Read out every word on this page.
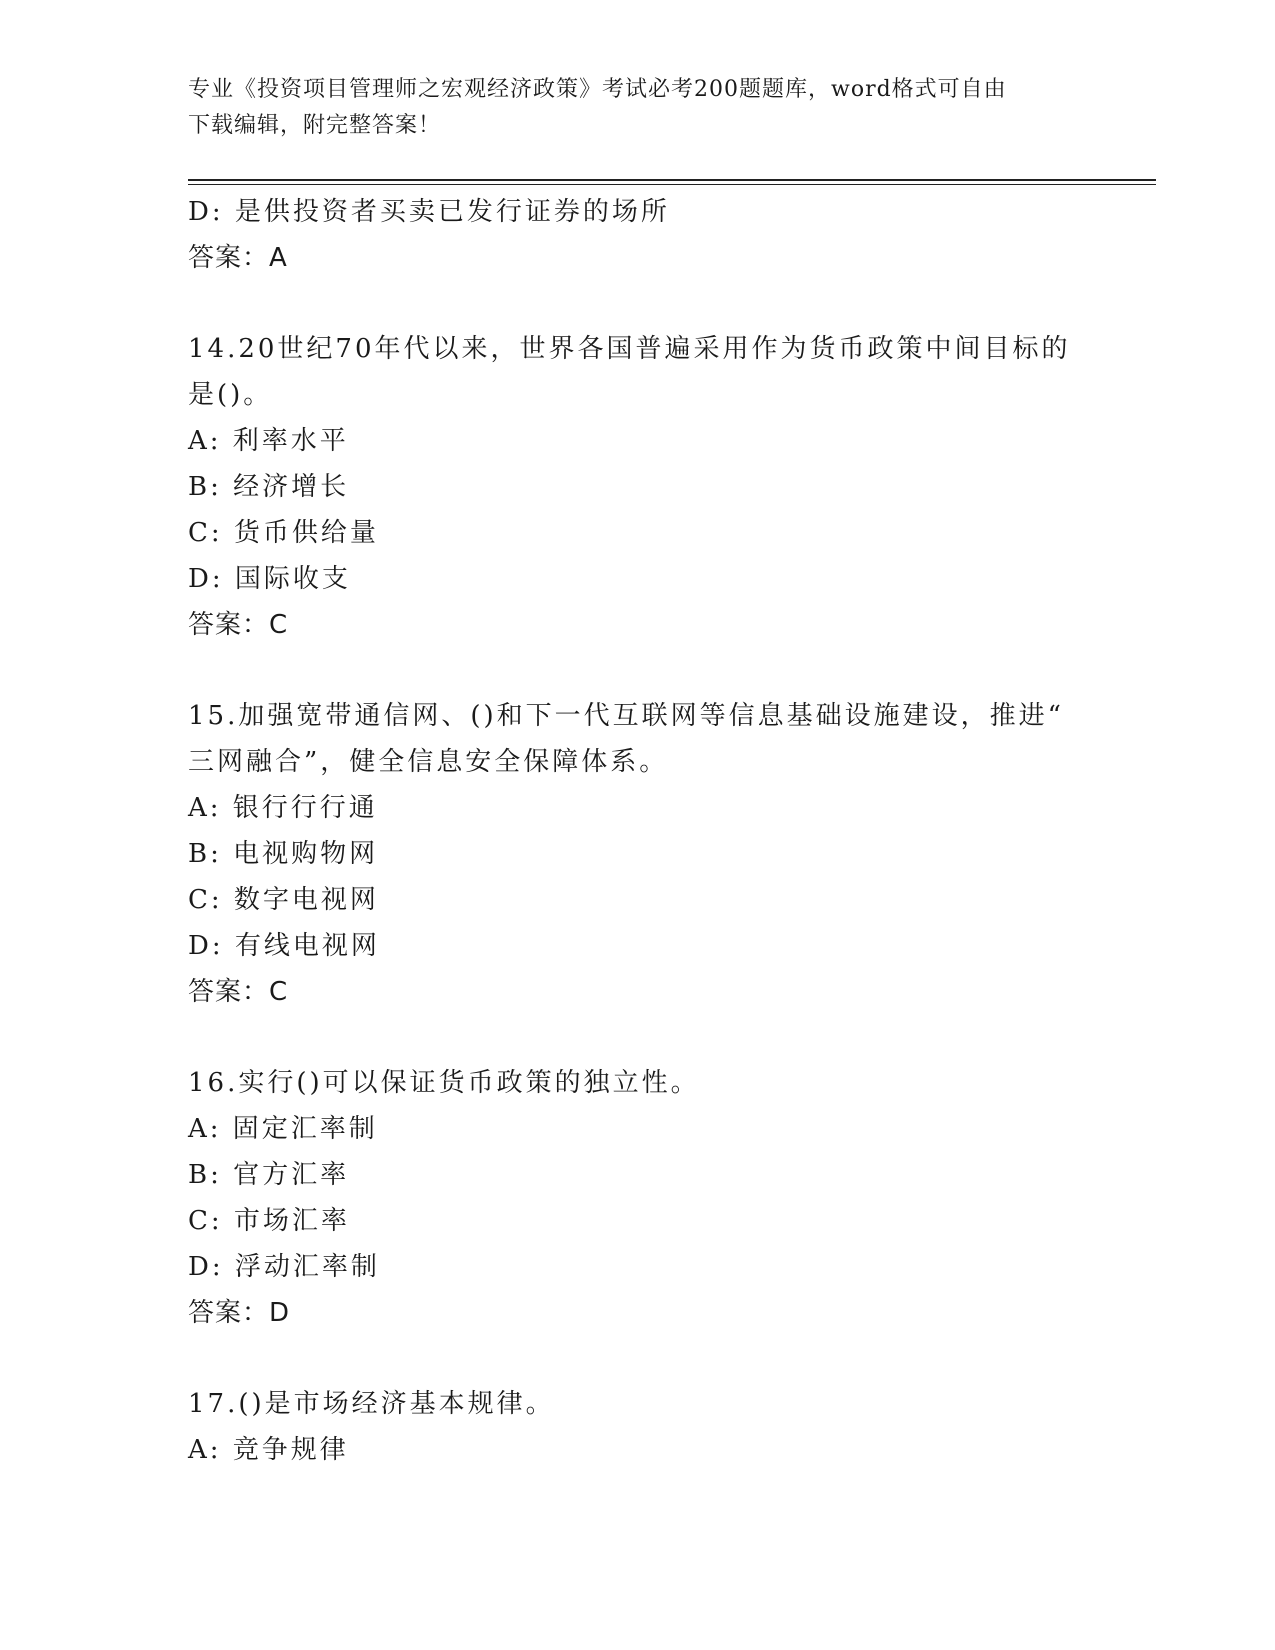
专业《投资项目管理师之宏观经济政策》考试必考200题题库，word格式可自由
下载编辑，附完整答案！
D: 是供投资者买卖已发行证券的场所
答案：A
14.20世纪70年代以来，世界各国普遍采用作为货币政策中间目标的
是()。
A: 利率水平
B: 经济增长
C: 货币供给量
D: 国际收支
答案：C
15.加强宽带通信网、()和下一代互联网等信息基础设施建设，推进“
三网融合”，健全信息安全保障体系。
A: 银行行行通
B: 电视购物网
C: 数字电视网
D: 有线电视网
答案：C
16.实行()可以保证货币政策的独立性。
A: 固定汇率制
B: 官方汇率
C: 市场汇率
D: 浮动汇率制
答案：D
17.()是市场经济基本规律。
A: 竞争规律
